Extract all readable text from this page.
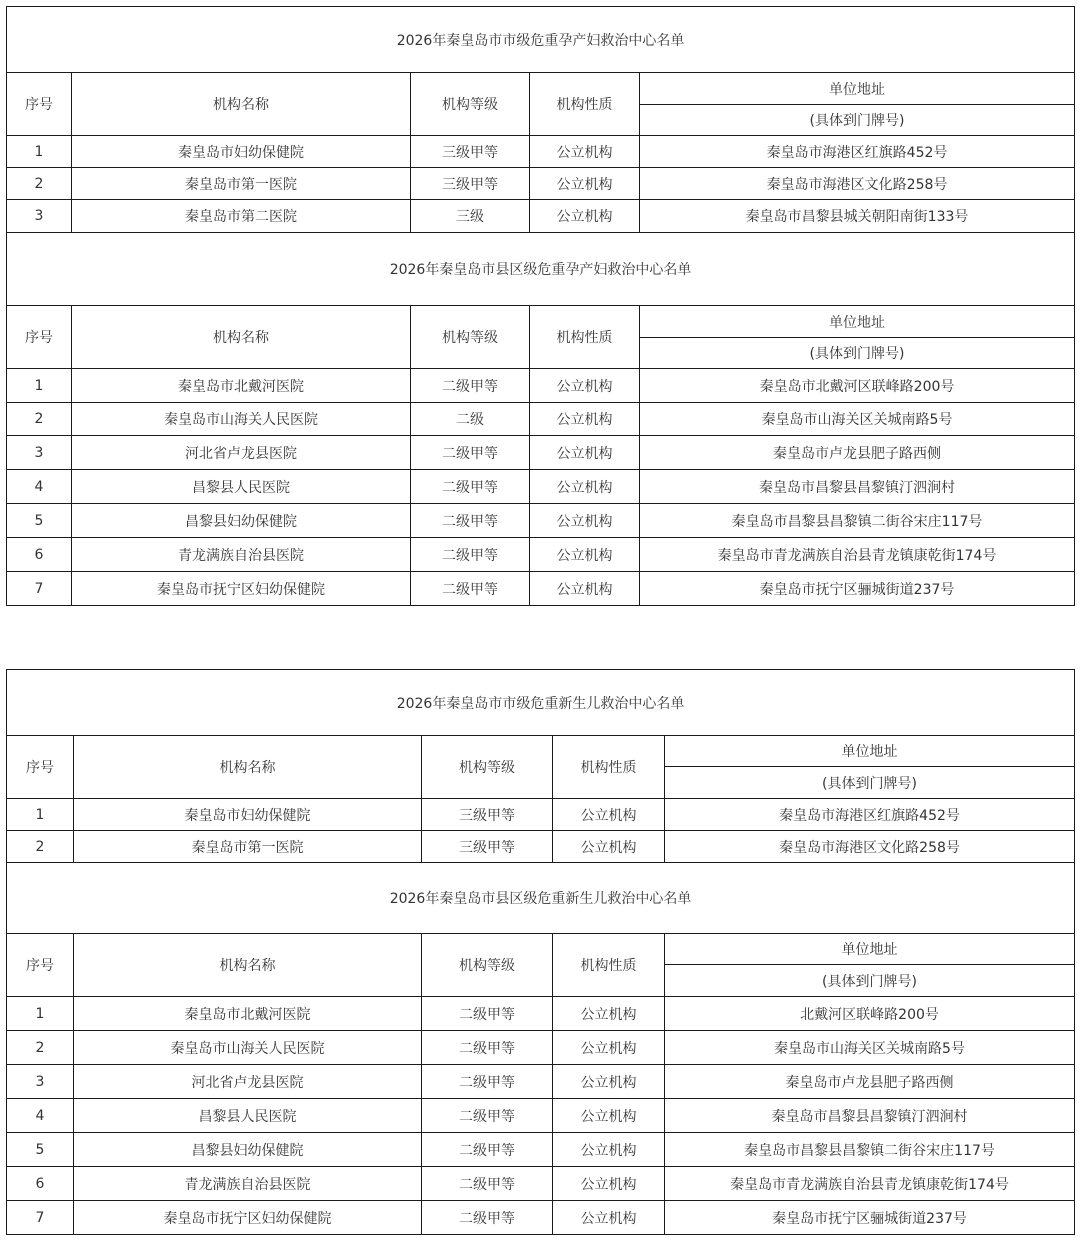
2026年秦皇岛市市级危重孕产妇救治中心名单				
序号	机构名称	机构等级	机构性质	单位地址
				(具体到门牌号)
1	秦皇岛市妇幼保健院	三级甲等	公立机构	秦皇岛市海港区红旗路452号
2	秦皇岛市第一医院	三级甲等	公立机构	秦皇岛市海港区文化路258号
3	秦皇岛市第二医院	三级	公立机构	秦皇岛市昌黎县城关朝阳南街133号
2026年秦皇岛市县区级危重孕产妇救治中心名单				
序号	机构名称	机构等级	机构性质	单位地址
				(具体到门牌号)
1	秦皇岛市北戴河医院	二级甲等	公立机构	秦皇岛市北戴河区联峰路200号
2	秦皇岛市山海关人民医院	二级	公立机构	秦皇岛市山海关区关城南路5号
3	河北省卢龙县医院	二级甲等	公立机构	秦皇岛市卢龙县肥子路西侧
4	昌黎县人民医院	二级甲等	公立机构	秦皇岛市昌黎县昌黎镇汀泗涧村
5	昌黎县妇幼保健院	二级甲等	公立机构	秦皇岛市昌黎县昌黎镇二街谷宋庄117号
6	青龙满族自治县医院	二级甲等	公立机构	秦皇岛市青龙满族自治县青龙镇康乾街174号
7	秦皇岛市抚宁区妇幼保健院	二级甲等	公立机构	秦皇岛市抚宁区骊城街道237号
2026年秦皇岛市市级危重新生儿救治中心名单				
序号	机构名称	机构等级	机构性质	单位地址
				(具体到门牌号)
1	秦皇岛市妇幼保健院	三级甲等	公立机构	秦皇岛市海港区红旗路452号
2	秦皇岛市第一医院	三级甲等	公立机构	秦皇岛市海港区文化路258号
2026年秦皇岛市县区级危重新生儿救治中心名单				
序号	机构名称	机构等级	机构性质	单位地址
				(具体到门牌号)
1	秦皇岛市北戴河医院	二级甲等	公立机构	北戴河区联峰路200号
2	秦皇岛市山海关人民医院	二级甲等	公立机构	秦皇岛市山海关区关城南路5号
3	河北省卢龙县医院	二级甲等	公立机构	秦皇岛市卢龙县肥子路西侧
4	昌黎县人民医院	二级甲等	公立机构	秦皇岛市昌黎县昌黎镇汀泗涧村
5	昌黎县妇幼保健院	二级甲等	公立机构	秦皇岛市昌黎县昌黎镇二街谷宋庄117号
6	青龙满族自治县医院	二级甲等	公立机构	秦皇岛市青龙满族自治县青龙镇康乾街174号
7	秦皇岛市抚宁区妇幼保健院	二级甲等	公立机构	秦皇岛市抚宁区骊城街道237号
